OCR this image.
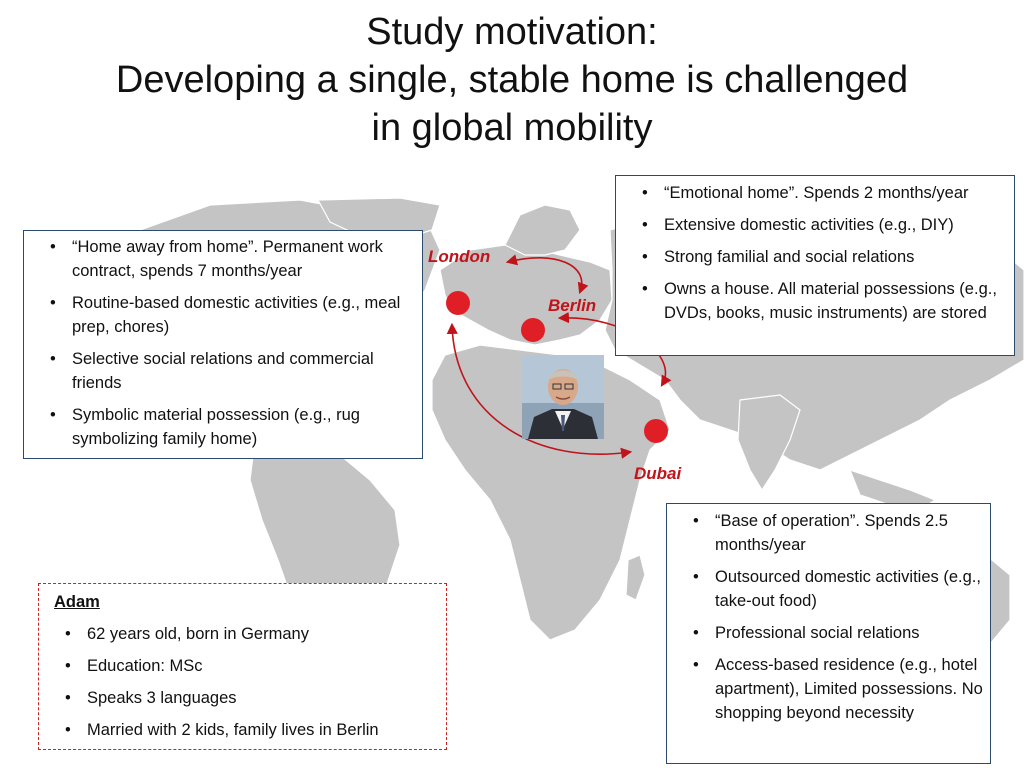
Study motivation:
Developing a single, stable home is challenged
in global mobility
London
Berlin
Dubai
• “Home away from home”. Permanent work contract, spends 7 months/year
• Routine-based domestic activities (e.g., meal prep, chores)
• Selective social relations and commercial friends
• Symbolic material possession (e.g., rug symbolizing family home)
• “Emotional home”. Spends 2 months/year
• Extensive domestic activities (e.g., DIY)
• Strong familial and social relations
• Owns a house. All material possessions (e.g., DVDs, books, music instruments) are stored
• “Base of operation”. Spends 2.5 months/year
• Outsourced domestic activities (e.g., take-out food)
• Professional social relations
• Access-based residence (e.g., hotel apartment), Limited possessions. No shopping beyond necessity
Adam
• 62 years old, born in Germany
• Education: MSc
• Speaks 3 languages
• Married with 2 kids, family lives in Berlin
